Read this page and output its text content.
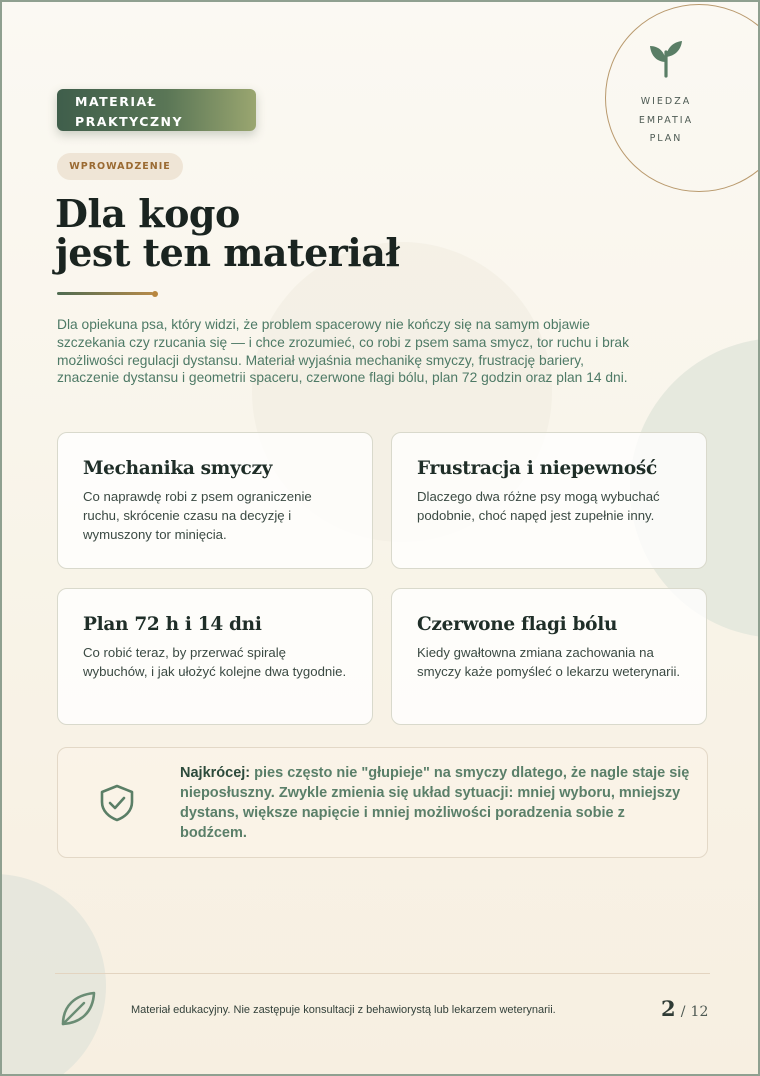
WIEDZA
EMPATIA
PLAN
MATERIAŁ
PRAKTYCZNY
WPROWADZENIE
Dla kogo
jest ten materiał

Dla opiekuna psa, który widzi, że problem spacerowy nie kończy się na samym objawie szczekania czy rzucania się — i chce zrozumieć, co robi z psem sama smycz, tor ruchu i brak możliwości regulacji dystansu. Materiał wyjaśnia mechanikę smyczy, frustrację bariery, znaczenie dystansu i geometrii spaceru, czerwone flagi bólu, plan 72 godzin oraz plan 14 dni.

Mechanika smyczy

Co naprawdę robi z psem ograniczenie ruchu, skrócenie czasu na decyzję i wymuszony tor minięcia.

Frustracja i niepewność

Dlaczego dwa różne psy mogą wybuchać podobnie, choć napęd jest zupełnie inny.

Plan 72 h i 14 dni

Co robić teraz, by przerwać spiralę wybuchów, i jak ułożyć kolejne dwa tygodnie.

Czerwone flagi bólu

Kiedy gwałtowna zmiana zachowania na smyczy każe pomyśleć o lekarzu weterynarii.

Najkrócej: pies często nie "głupieje" na smyczy dlatego, że nagle staje się nieposłuszny. Zwykle zmienia się układ sytuacji: mniej wyboru, mniejszy dystans, większe napięcie i mniej możliwości poradzenia sobie z bodźcem.

Materiał edukacyjny. Nie zastępuje konsultacji z behawiorystą lub lekarzem weterynarii.	2 / 12
